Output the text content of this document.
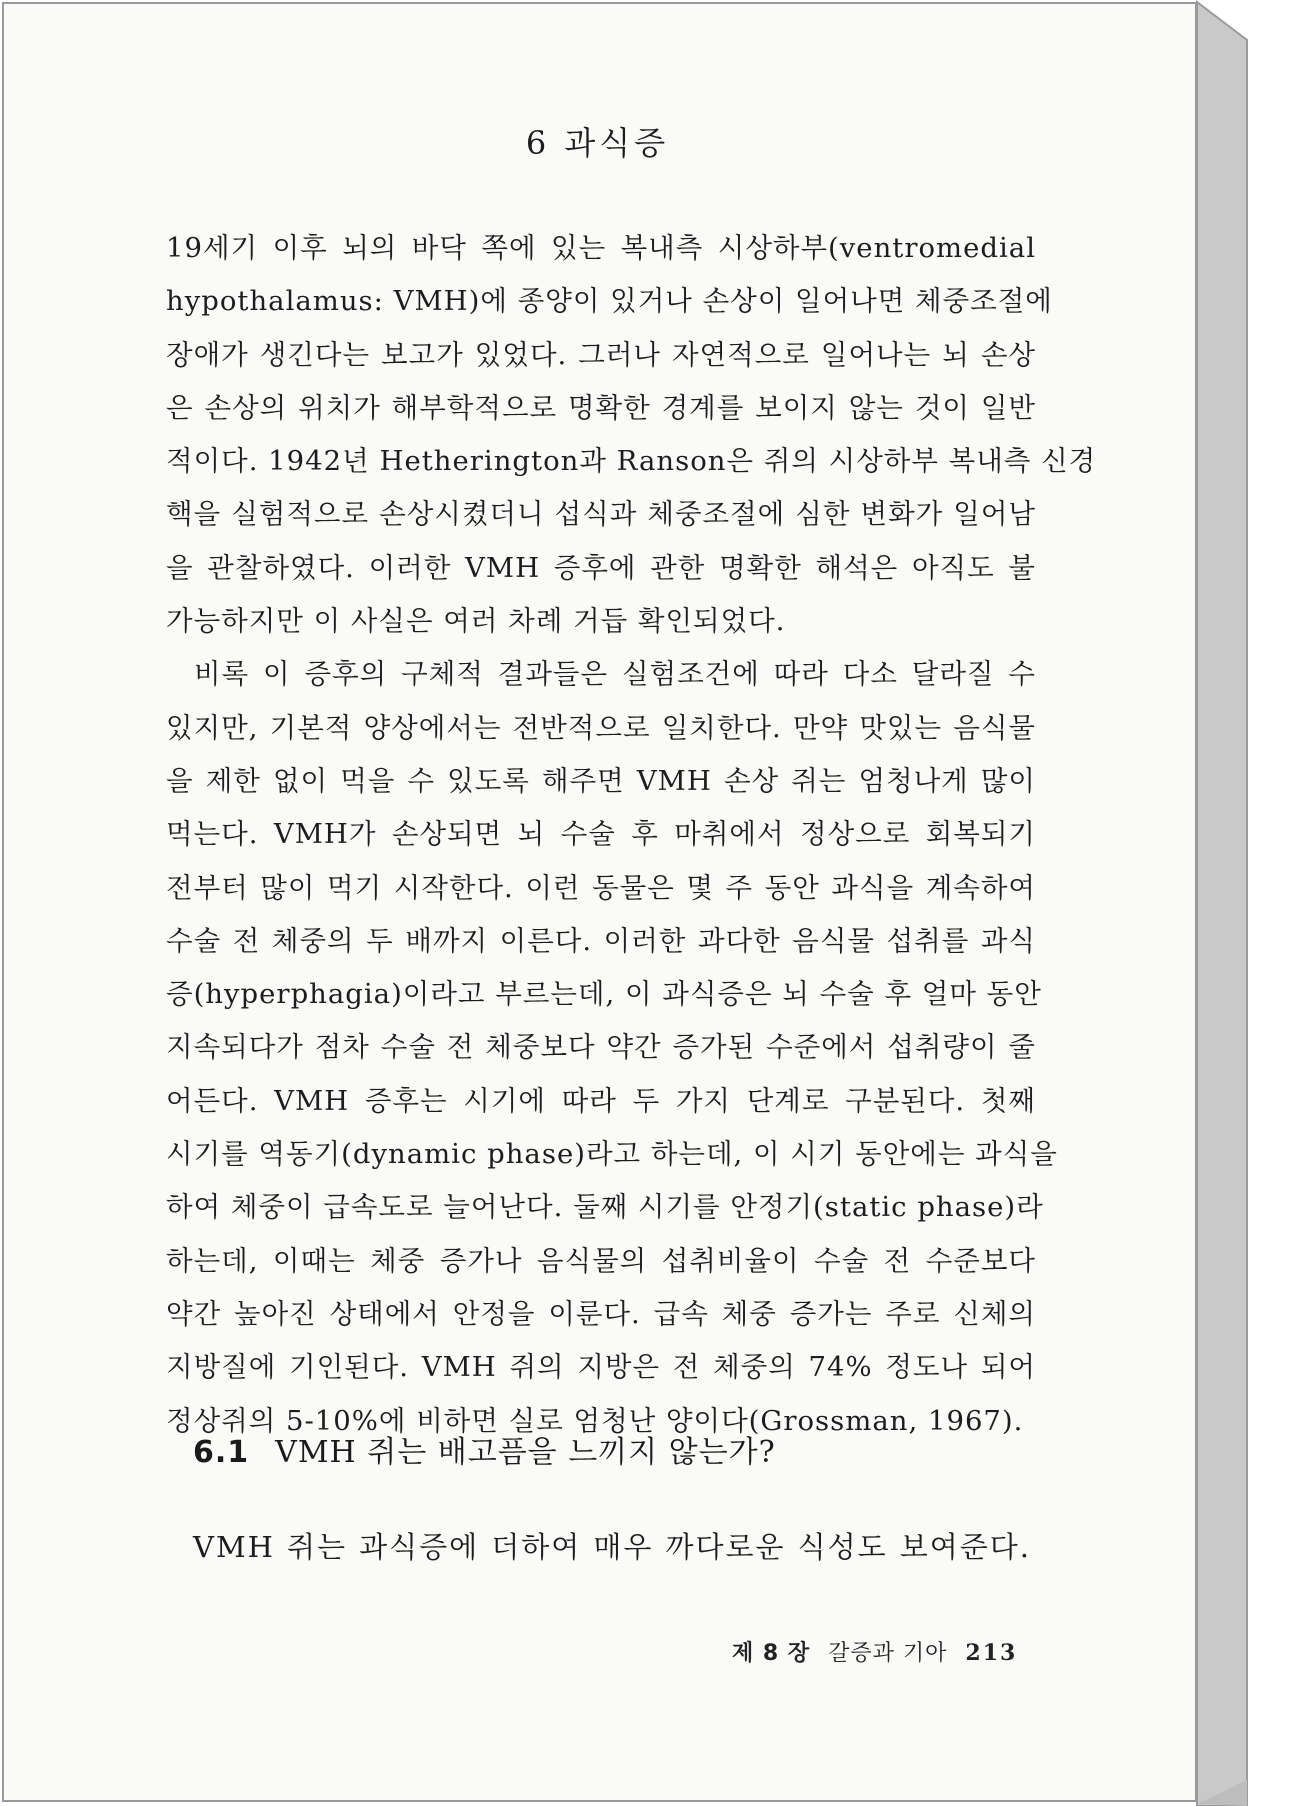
6 과식증

19세기 이후 뇌의 바닥 쪽에 있는 복내측 시상하부(ventromedial
hypothalamus: VMH)에 종양이 있거나 손상이 일어나면 체중조절에
장애가 생긴다는 보고가 있었다. 그러나 자연적으로 일어나는 뇌 손상
은 손상의 위치가 해부학적으로 명확한 경계를 보이지 않는 것이 일반
적이다. 1942년 Hetherington과 Ranson은 쥐의 시상하부 복내측 신경
핵을 실험적으로 손상시켰더니 섭식과 체중조절에 심한 변화가 일어남
을 관찰하였다. 이러한 VMH 증후에 관한 명확한 해석은 아직도 불
가능하지만 이 사실은 여러 차례 거듭 확인되었다.

비록 이 증후의 구체적 결과들은 실험조건에 따라 다소 달라질 수
있지만, 기본적 양상에서는 전반적으로 일치한다. 만약 맛있는 음식물
을 제한 없이 먹을 수 있도록 해주면 VMH 손상 쥐는 엄청나게 많이
먹는다. VMH가 손상되면 뇌 수술 후 마취에서 정상으로 회복되기
전부터 많이 먹기 시작한다. 이런 동물은 몇 주 동안 과식을 계속하여
수술 전 체중의 두 배까지 이른다. 이러한 과다한 음식물 섭취를 과식
증(hyperphagia)이라고 부르는데, 이 과식증은 뇌 수술 후 얼마 동안
지속되다가 점차 수술 전 체중보다 약간 증가된 수준에서 섭취량이 줄
어든다. VMH 증후는 시기에 따라 두 가지 단계로 구분된다. 첫째
시기를 역동기(dynamic phase)라고 하는데, 이 시기 동안에는 과식을
하여 체중이 급속도로 늘어난다. 둘째 시기를 안정기(static phase)라
하는데, 이때는 체중 증가나 음식물의 섭취비율이 수술 전 수준보다
약간 높아진 상태에서 안정을 이룬다. 급속 체중 증가는 주로 신체의
지방질에 기인된다. VMH 쥐의 지방은 전 체중의 74% 정도나 되어
정상쥐의 5-10%에 비하면 실로 엄청난 양이다(Grossman, 1967).

6.1 VMH 쥐는 배고픔을 느끼지 않는가?
VMH 쥐는 과식증에 더하여 매우 까다로운 식성도 보여준다.
제 8 장 갈증과 기아 213
